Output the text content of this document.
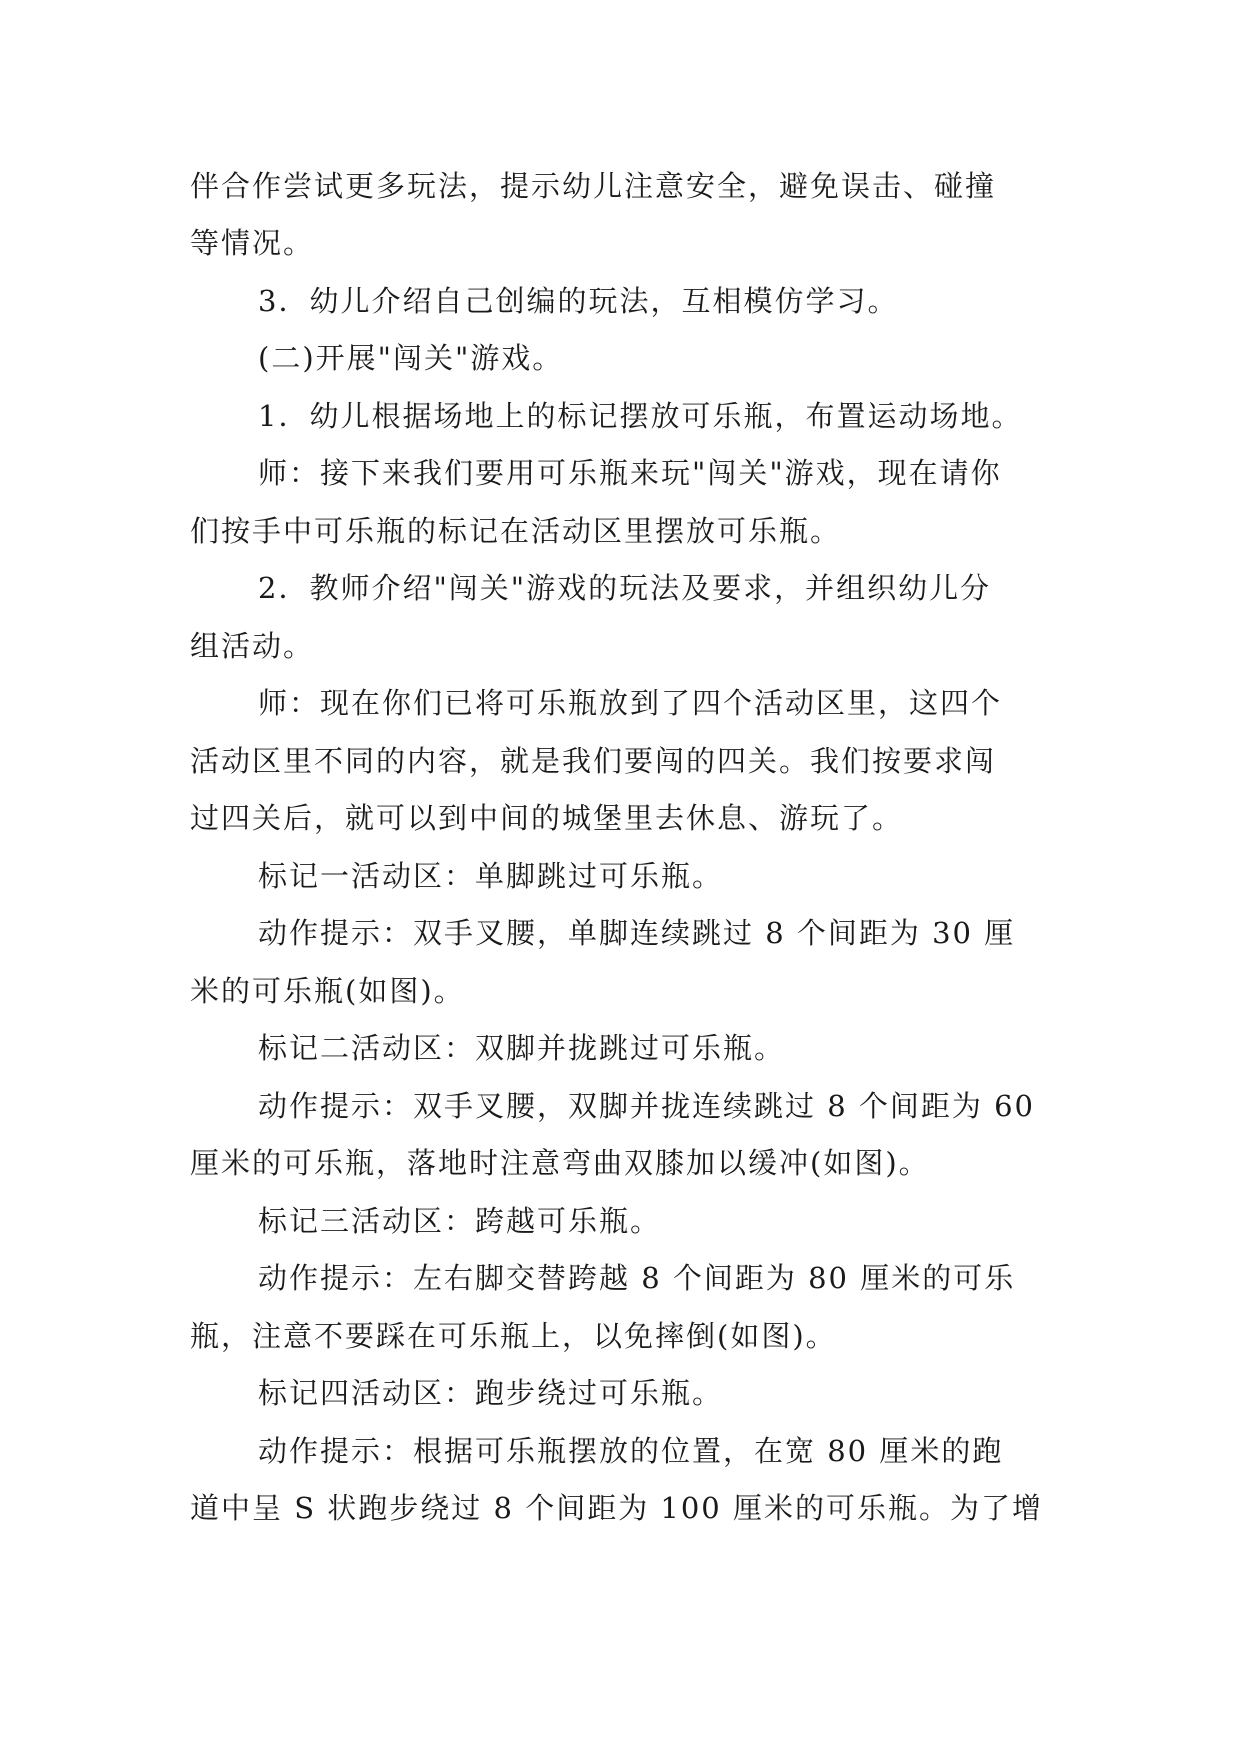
伴合作尝试更多玩法，提示幼儿注意安全，避免误击、碰撞
等情况。
3．幼儿介绍自己创编的玩法，互相模仿学习。
(二)开展"闯关"游戏。
1．幼儿根据场地上的标记摆放可乐瓶，布置运动场地。
师：接下来我们要用可乐瓶来玩"闯关"游戏，现在请你
们按手中可乐瓶的标记在活动区里摆放可乐瓶。
2．教师介绍"闯关"游戏的玩法及要求，并组织幼儿分
组活动。
师：现在你们已将可乐瓶放到了四个活动区里，这四个
活动区里不同的内容，就是我们要闯的四关。我们按要求闯
过四关后，就可以到中间的城堡里去休息、游玩了。
标记一活动区：单脚跳过可乐瓶。
动作提示：双手叉腰，单脚连续跳过 8 个间距为 30 厘
米的可乐瓶(如图)。
标记二活动区：双脚并拢跳过可乐瓶。
动作提示：双手叉腰，双脚并拢连续跳过 8 个间距为 60
厘米的可乐瓶，落地时注意弯曲双膝加以缓冲(如图)。
标记三活动区：跨越可乐瓶。
动作提示：左右脚交替跨越 8 个间距为 80 厘米的可乐
瓶，注意不要踩在可乐瓶上，以免摔倒(如图)。
标记四活动区：跑步绕过可乐瓶。
动作提示：根据可乐瓶摆放的位置，在宽 80 厘米的跑
道中呈 S 状跑步绕过 8 个间距为 100 厘米的可乐瓶。为了增
